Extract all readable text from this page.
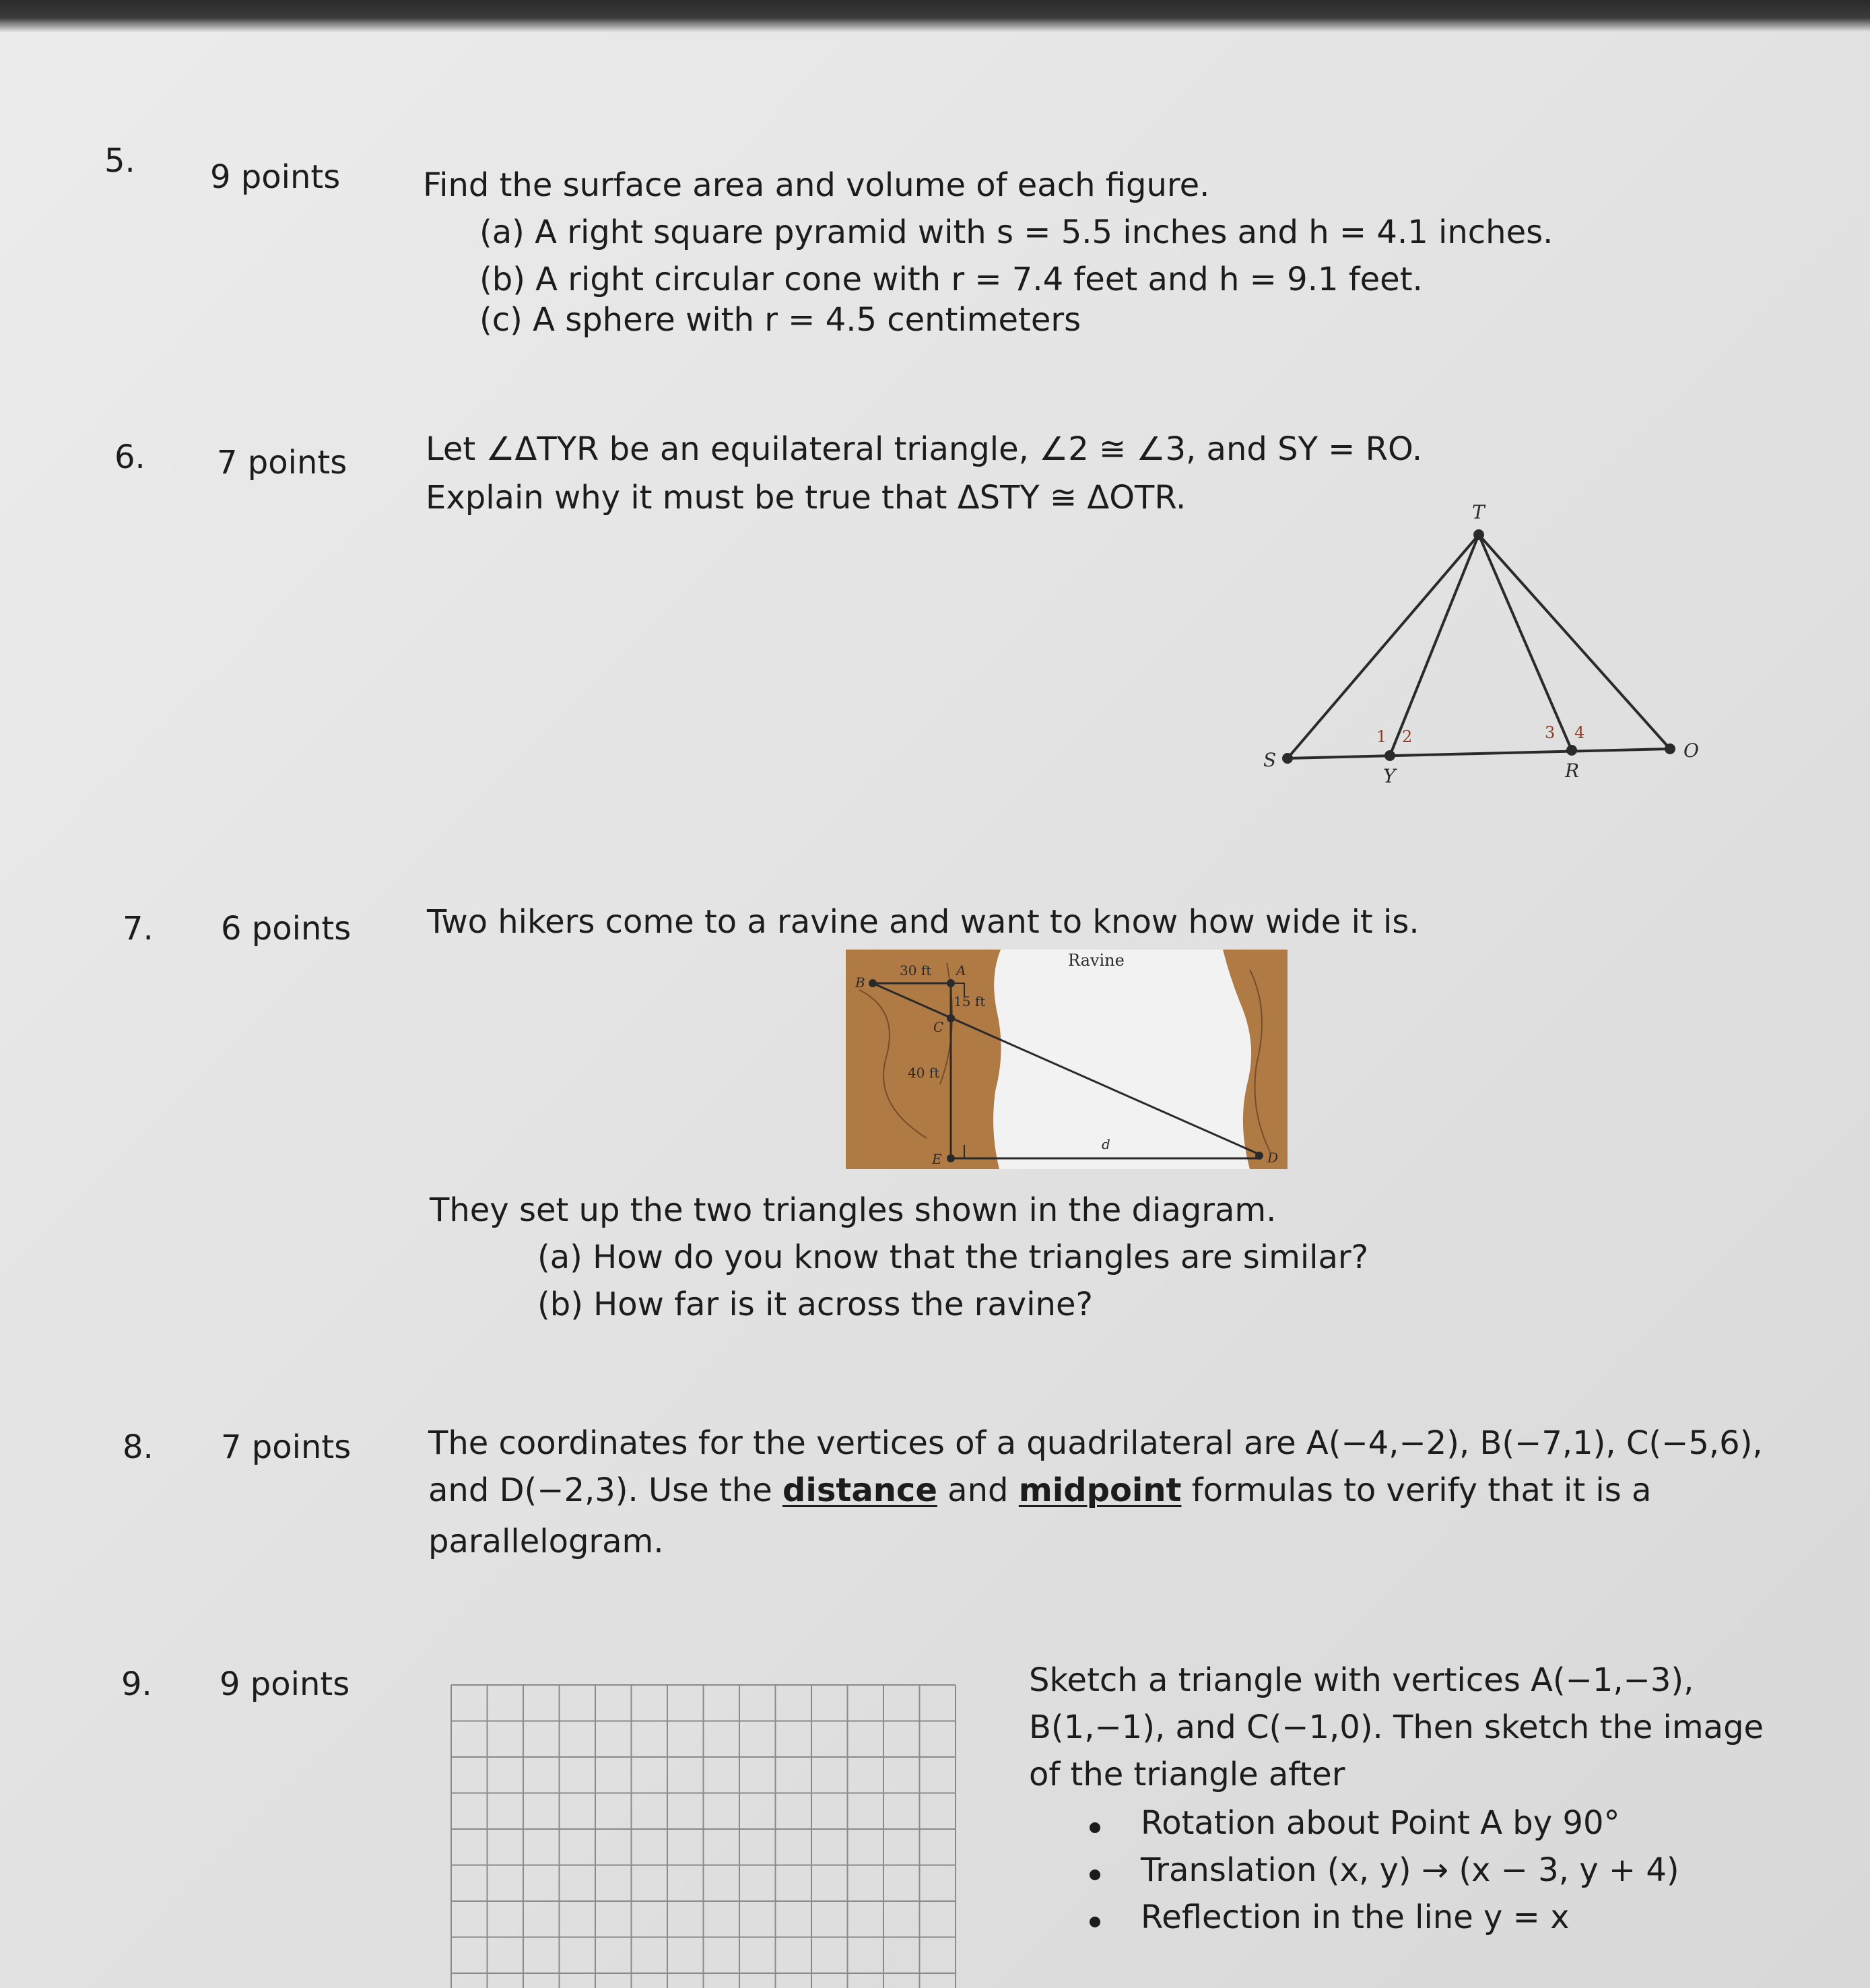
5. 9 points	Find the surface area and volume of each figure.
(a) A right square pyramid with s = 5.5 inches and h = 4.1 inches.
(b) A right circular cone with r = 7.4 feet and h = 9.1 feet.
(c) A sphere with r = 4.5 centimeters
6. 7 points Let ∠ΔTYR be an equilateral triangle, ∠2 ≅ ∠3, and SY = RO.
Explain why it must be true that ΔSTY ≅ ΔOTR.	T
S
Y	R
O
1 2	3 4
7. 6 points Two hikers come to a ravine and want to know how wide it is.
30 ft
15 ft
40 ft
Ravine
d
B
A
C
E	D
They set up the two triangles shown in the diagram.
(a) How do you know that the triangles are similar?
(b) How far is it across the ravine?
8. 7 points The coordinates for the vertices of a quadrilateral are A(−4,−2), B(−7,1), C(−5,6),
and D(−2,3). Use the distance and midpoint formulas to verify that it is a
parallelogram.
9. 9 points	Sketch a triangle with vertices A(−1,−3),
B(1,−1), and C(−1,0). Then sketch the image
of the triangle after
Rotation about Point A by 90°
Translation (x, y) → (x − 3, y + 4)
Reflection in the line y = x
